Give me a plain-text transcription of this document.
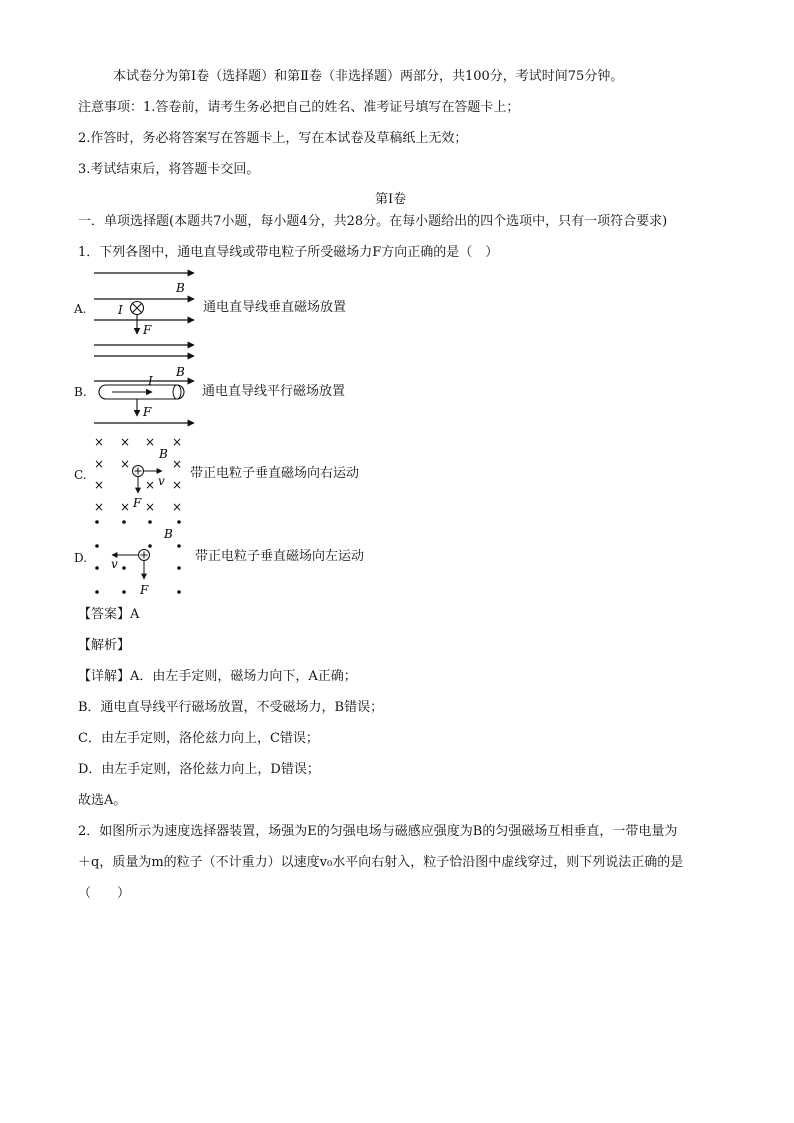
本试卷分为第Ⅰ卷（选择题）和第Ⅱ卷（非选择题）两部分，共100分，考试时间75分钟。
注意事项：1.答卷前，请考生务必把自己的姓名、准考证号填写在答题卡上；
2.作答时，务必将答案写在答题卡上，写在本试卷及草稿纸上无效；
3.考试结束后，将答题卡交回。
第Ⅰ卷
一．单项选择题(本题共7小题，每小题4分，共28分。在每小题给出的四个选项中，只有一项符合要求)
1．下列各图中，通电直导线或带电粒子所受磁场力F方向正确的是（　）
A.
B
I
F
通电直导线垂直磁场放置
B.
B
I
F
通电直导线平行磁场放置
C.
× × × ×
× ×	×
×	× ×
× × × ×
B
v
F
带正电粒子垂直磁场向右运动
D.
B
v
F
带正电粒子垂直磁场向左运动
【答案】A
【解析】
【详解】A．由左手定则，磁场力向下，A正确；
B．通电直导线平行磁场放置，不受磁场力，B错误；
C．由左手定则，洛伦兹力向上，C错误；
D．由左手定则，洛伦兹力向上，D错误；
故选A。
2．如图所示为速度选择器装置，场强为E的匀强电场与磁感应强度为B的匀强磁场互相垂直，一带电量为
＋q，质量为m的粒子（不计重力）以速度v₀水平向右射入，粒子恰沿图中虚线穿过，则下列说法正确的是
（　　）
